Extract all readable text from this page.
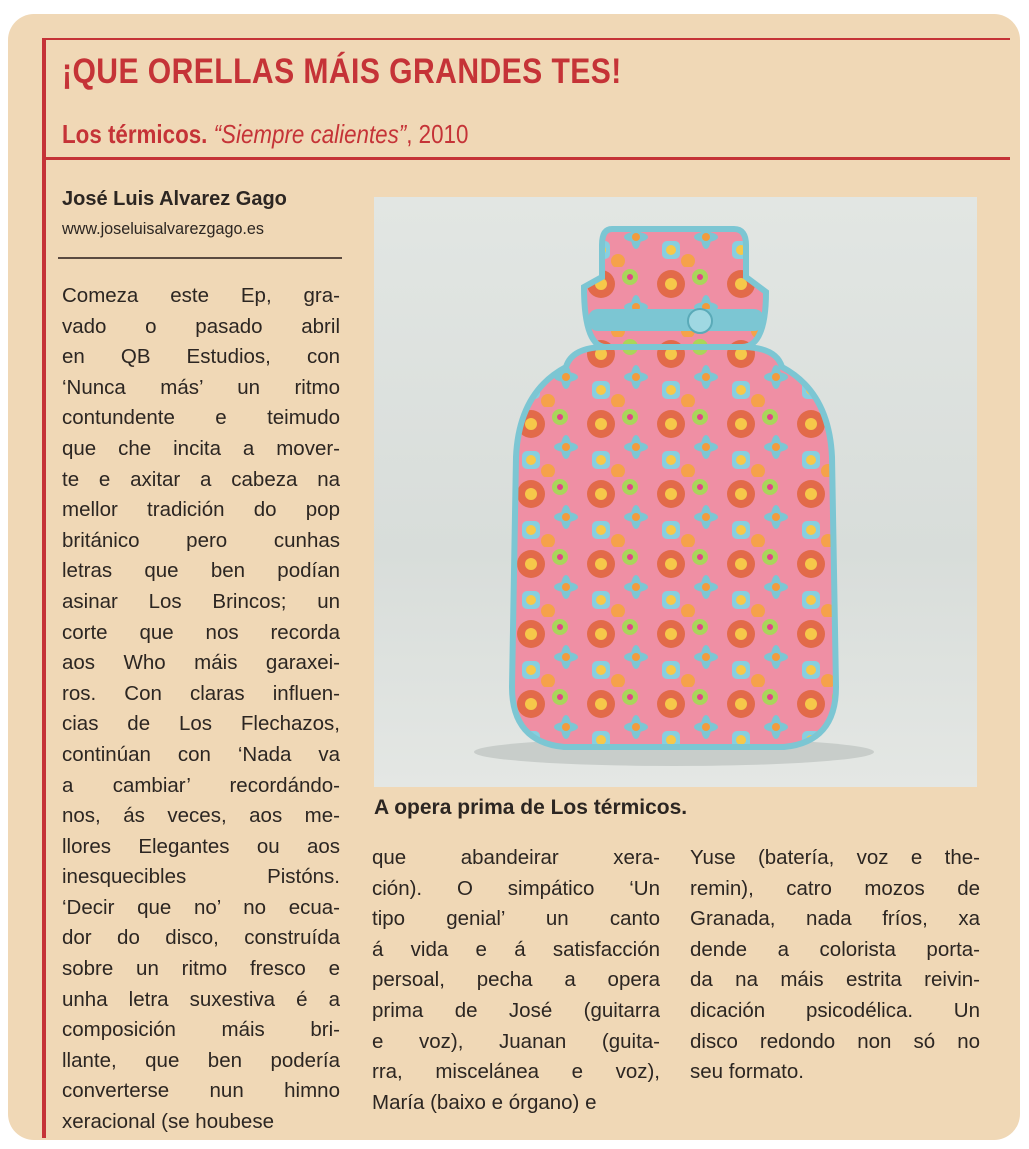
¡QUE ORELLAS MÁIS GRANDES TES!
Los térmicos. “Siempre calientes”, 2010
José Luis Alvarez Gago
www.joseluisalvarezgago.es
Comeza este Ep, gra-
vado o pasado abril
en QB Estudios, con
‘Nunca más’ un ritmo
contundente e teimudo
que che incita a mover-
te e axitar a cabeza na
mellor tradición do pop
británico pero cunhas
letras que ben podían
asinar Los Brincos; un
corte que nos recorda
aos Who máis garaxei-
ros. Con claras influen-
cias de Los Flechazos,
continúan con ‘Nada va
a cambiar’ recordándo-
nos, ás veces, aos me-
llores Elegantes ou aos
inesquecibles Pistóns.
‘Decir que no’ no ecua-
dor do disco, construída
sobre un ritmo fresco e
unha letra suxestiva é a
composición máis bri-
llante, que ben podería
converterse nun himno
xeracional (se houbese
A opera prima de Los térmicos.
que abandeirar xera-
ción). O simpático ‘Un
tipo genial’ un canto
á vida e á satisfacción
persoal, pecha a opera
prima de José (guitarra
e voz), Juanan (guita-
rra, miscelánea e voz),
María (baixo e órgano) e
Yuse (batería, voz e the-
remin), catro mozos de
Granada, nada fríos, xa
dende a colorista porta-
da na máis estrita reivin-
dicación psicodélica. Un
disco redondo non só no
seu formato.
